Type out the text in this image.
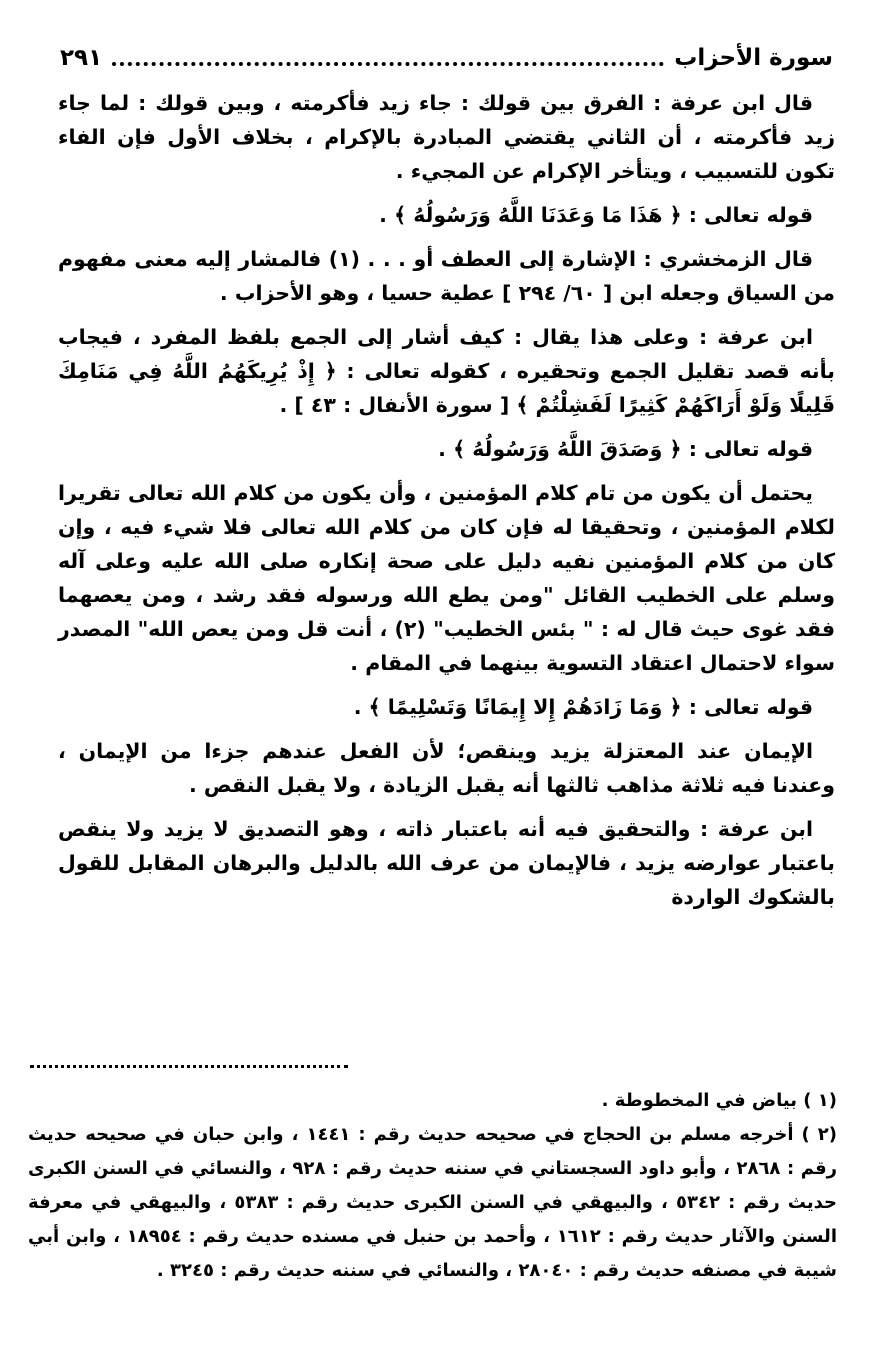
سورة الأحزاب
٢٩١

قال ابن عرفة : الفرق بين قولك : جاء زيد فأكرمته ، وبين قولك : لما جاء زيد فأكرمته ، أن الثاني يقتضي المبادرة بالإكرام ، بخلاف الأول فإن الفاء تكون للتسبيب ، ويتأخر الإكرام عن المجيء .

قوله تعالى : ﴿ هَذَا مَا وَعَدَنَا اللَّهُ وَرَسُولُهُ ﴾ .

قال الزمخشري : الإشارة إلى العطف أو . . . (١) فالمشار إليه معنى مفهوم من السياق وجعله ابن [ ٦٠/ ٢٩٤ ] عطية حسيا ، وهو الأحزاب .

ابن عرفة : وعلى هذا يقال : كيف أشار إلى الجمع بلفظ المفرد ، فيجاب بأنه قصد تقليل الجمع وتحقيره ، كقوله تعالى : ﴿ إِذْ يُرِيكَهُمُ اللَّهُ فِي مَنَامِكَ قَلِيلًا وَلَوْ أَرَاكَهُمْ كَثِيرًا لَفَشِلْتُمْ ﴾ [ سورة الأنفال : ٤٣ ] .

قوله تعالى : ﴿ وَصَدَقَ اللَّهُ وَرَسُولُهُ ﴾ .

يحتمل أن يكون من تام كلام المؤمنين ، وأن يكون من كلام الله تعالى تقريرا لكلام المؤمنين ، وتحقيقا له فإن كان من كلام الله تعالى فلا شيء فيه ، وإن كان من كلام المؤمنين نفيه دليل على صحة إنكاره صلى الله عليه وعلى آله وسلم على الخطيب القائل "ومن يطع الله ورسوله فقد رشد ، ومن يعصهما فقد غوى حيث قال له : " بئس الخطيب" (٢) ، أنت قل ومن يعص الله" المصدر سواء لاحتمال اعتقاد التسوية بينهما في المقام .

قوله تعالى : ﴿ وَمَا زَادَهُمْ إِلا إِيمَانًا وَتَسْلِيمًا ﴾ .

الإيمان عند المعتزلة يزيد وينقص؛ لأن الفعل عندهم جزءا من الإيمان ، وعندنا فيه ثلاثة مذاهب ثالثها أنه يقبل الزيادة ، ولا يقبل النقص .

ابن عرفة : والتحقيق فيه أنه باعتبار ذاته ، وهو التصديق لا يزيد ولا ينقص باعتبار عوارضه يزيد ، فالإيمان من عرف الله بالدليل والبرهان المقابل للقول بالشكوك الواردة

(١ ) بياض في المخطوطة .

(٢ ) أخرجه مسلم بن الحجاج في صحيحه حديث رقم : ١٤٤١ ، وابن حبان في صحيحه حديث رقم : ٢٨٦٨ ، وأبو داود السجستاني في سننه حديث رقم : ٩٢٨ ، والنسائي في السنن الكبرى حديث رقم : ٥٣٤٢ ، والبيهقي في السنن الكبرى حديث رقم : ٥٣٨٣ ، والبيهقي في معرفة السنن والآثار حديث رقم : ١٦١٢ ، وأحمد بن حنبل في مسنده حديث رقم : ١٨٩٥٤ ، وابن أبي شيبة في مصنفه حديث رقم : ٢٨٠٤٠ ، والنسائي في سننه حديث رقم : ٣٢٤٥ .
